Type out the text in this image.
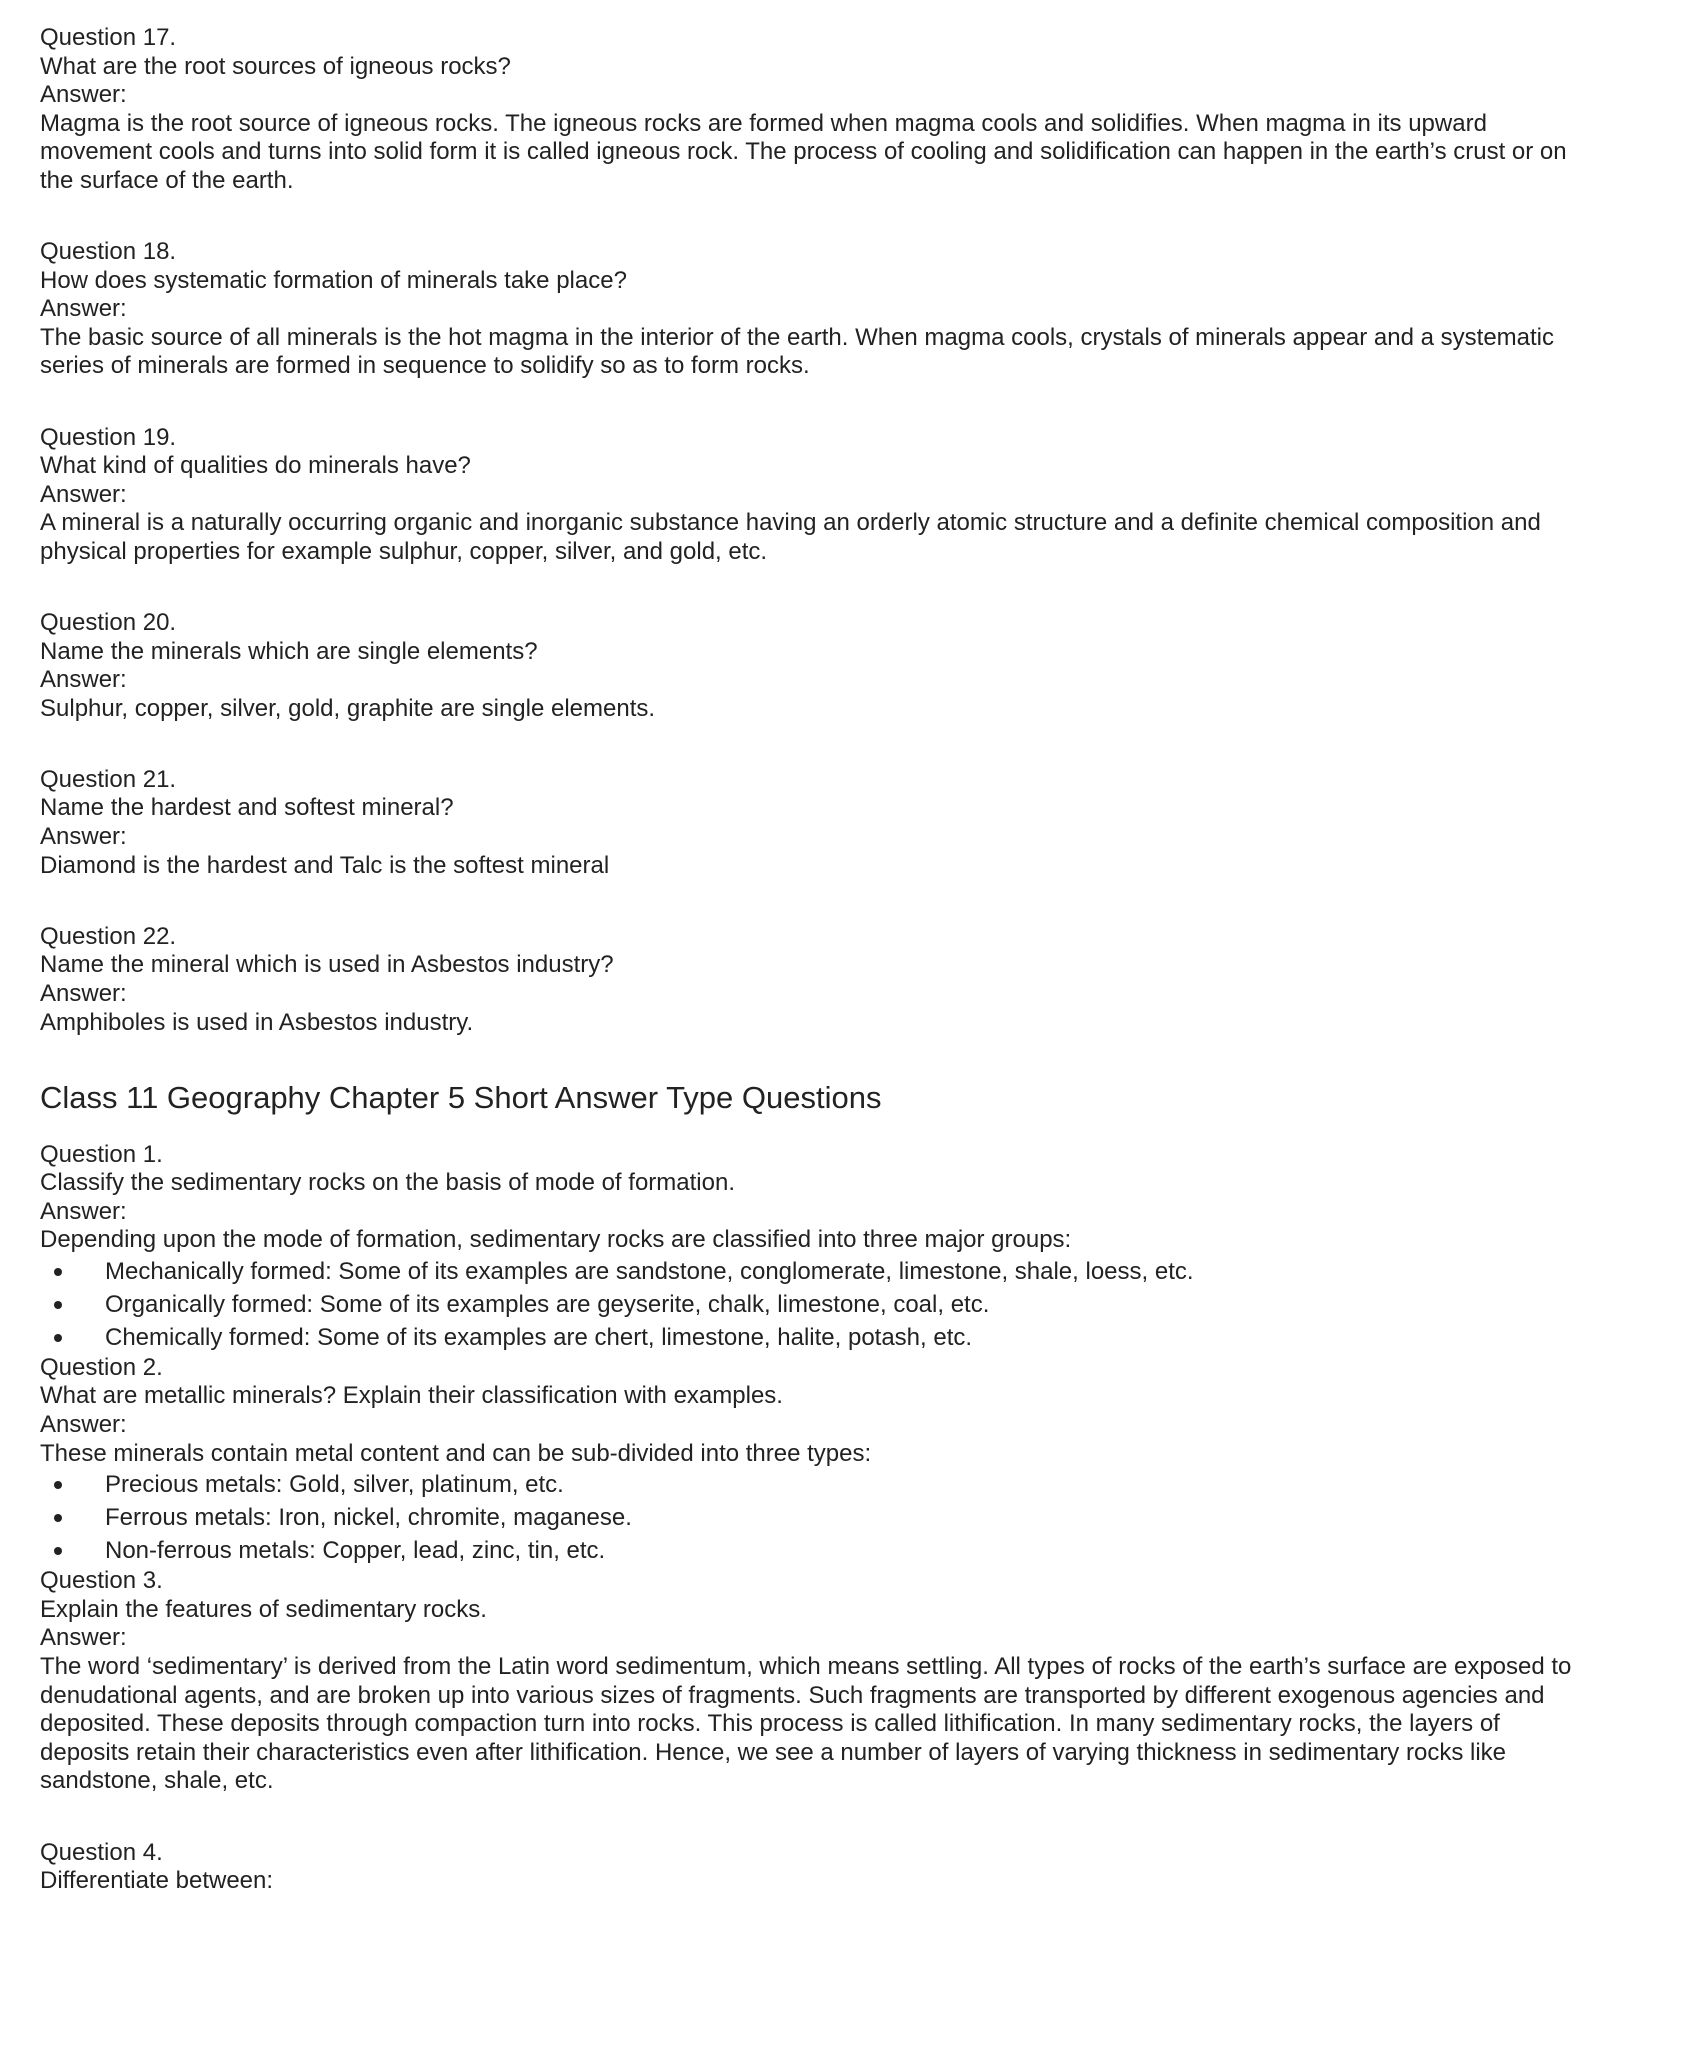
Question 17.
What are the root sources of igneous rocks?
Answer:
Magma is the root source of igneous rocks. The igneous rocks are formed when magma cools and solidifies. When magma in its upward
movement cools and turns into solid form it is called igneous rock. The process of cooling and solidification can happen in the earth’s crust or on
the surface of the earth.
Question 18.
How does systematic formation of minerals take place?
Answer:
The basic source of all minerals is the hot magma in the interior of the earth. When magma cools, crystals of minerals appear and a systematic
series of minerals are formed in sequence to solidify so as to form rocks.
Question 19.
What kind of qualities do minerals have?
Answer:
A mineral is a naturally occurring organic and inorganic substance having an orderly atomic structure and a definite chemical composition and
physical properties for example sulphur, copper, silver, and gold, etc.
Question 20.
Name the minerals which are single elements?
Answer:
Sulphur, copper, silver, gold, graphite are single elements.
Question 21.
Name the hardest and softest mineral?
Answer:
Diamond is the hardest and Talc is the softest mineral
Question 22.
Name the mineral which is used in Asbestos industry?
Answer:
Amphiboles is used in Asbestos industry.
Class 11 Geography Chapter 5 Short Answer Type Questions
Question 1.
Classify the sedimentary rocks on the basis of mode of formation.
Answer:
Depending upon the mode of formation, sedimentary rocks are classified into three major groups:
Mechanically formed: Some of its examples are sandstone, conglomerate, limestone, shale, loess, etc.
Organically formed: Some of its examples are geyserite, chalk, limestone, coal, etc.
Chemically formed: Some of its examples are chert, limestone, halite, potash, etc.
Question 2.
What are metallic minerals? Explain their classification with examples.
Answer:
These minerals contain metal content and can be sub-divided into three types:
Precious metals: Gold, silver, platinum, etc.
Ferrous metals: Iron, nickel, chromite, maganese.
Non-ferrous metals: Copper, lead, zinc, tin, etc.
Question 3.
Explain the features of sedimentary rocks.
Answer:
The word ‘sedimentary’ is derived from the Latin word sedimentum, which means settling. All types of rocks of the earth’s surface are exposed to
denudational agents, and are broken up into various sizes of fragments. Such fragments are transported by different exogenous agencies and
deposited. These deposits through compaction turn into rocks. This process is called lithification. In many sedimentary rocks, the layers of
deposits retain their characteristics even after lithification. Hence, we see a number of layers of varying thickness in sedimentary rocks like
sandstone, shale, etc.
Question 4.
Differentiate between:
